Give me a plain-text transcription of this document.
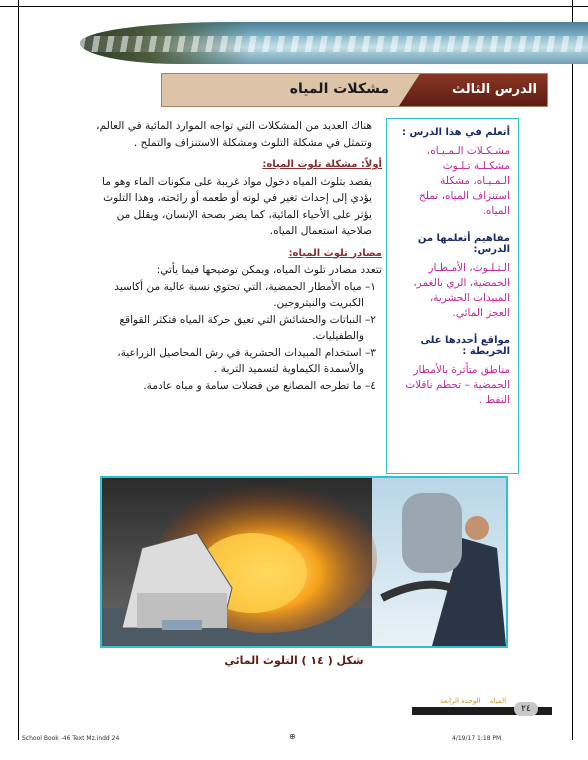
مشكلات المياه	الدرس الثالث

أتعلم في هذا الدرس :

مشـكـلات الـمـيـاه، مشكـلـة تـلـوث الـمـيـاه، مشكلة استنزاف المياه، تملح المياه.

مفاهيم أتعلمها من الدرس:

الـتـلـوث، الأمـطـار الحمضية، الري بالغمر، المبيدات الحشرية، العجز المائي.

مواقع أحددها على الخريطة :

مناطق متأثرة بالأمطار الحمضية – تحطم ناقلات النفط .

هناك العديد من المشكلات التي تواجه الموارد المائية في العالم، وتتمثل في مشكلة التلوث ومشكلة الاستنزاف والتملح .

أولاً: مشكلة تلوث المياه:

يقصد بتلوث المياه دخول مواد غريبة على مكونات الماء وهو ما يؤدي إلى إحداث تغير في لونه أو طعمه أو رائحته، وهذا التلوث يؤثر على الأحياء المائية، كما يضر بصحة الإنسان، ويقلل من صلاحية استعمال المياه.

مصادر تلوث المياه:

تتعدد مصادر تلوث المياه، ويمكن توضيحها فيما يأتي:

١– مياه الأمطار الحمضية، التي تحتوي نسبة عالية من أكاسيد الكبريت والنيتروجين.

٢– النباتات والحشائش التي تعيق حركة المياه فتكثر القواقع والطفيليات.

٣– استخدام المبيدات الحشرية في رش المحاصيل الزراعية، والأسمدة الكيماوية لتسميد التربة .

٤– ما تطرحه المصانع من فضلات سامة و مياه عادمة.

شكل ( ١٤ ) التلوث المائي
الوحدة الرابعة المياه
٢٤
School Book -46 Text Mz.indd 24	4/19/17 1:18 PM
⊕
